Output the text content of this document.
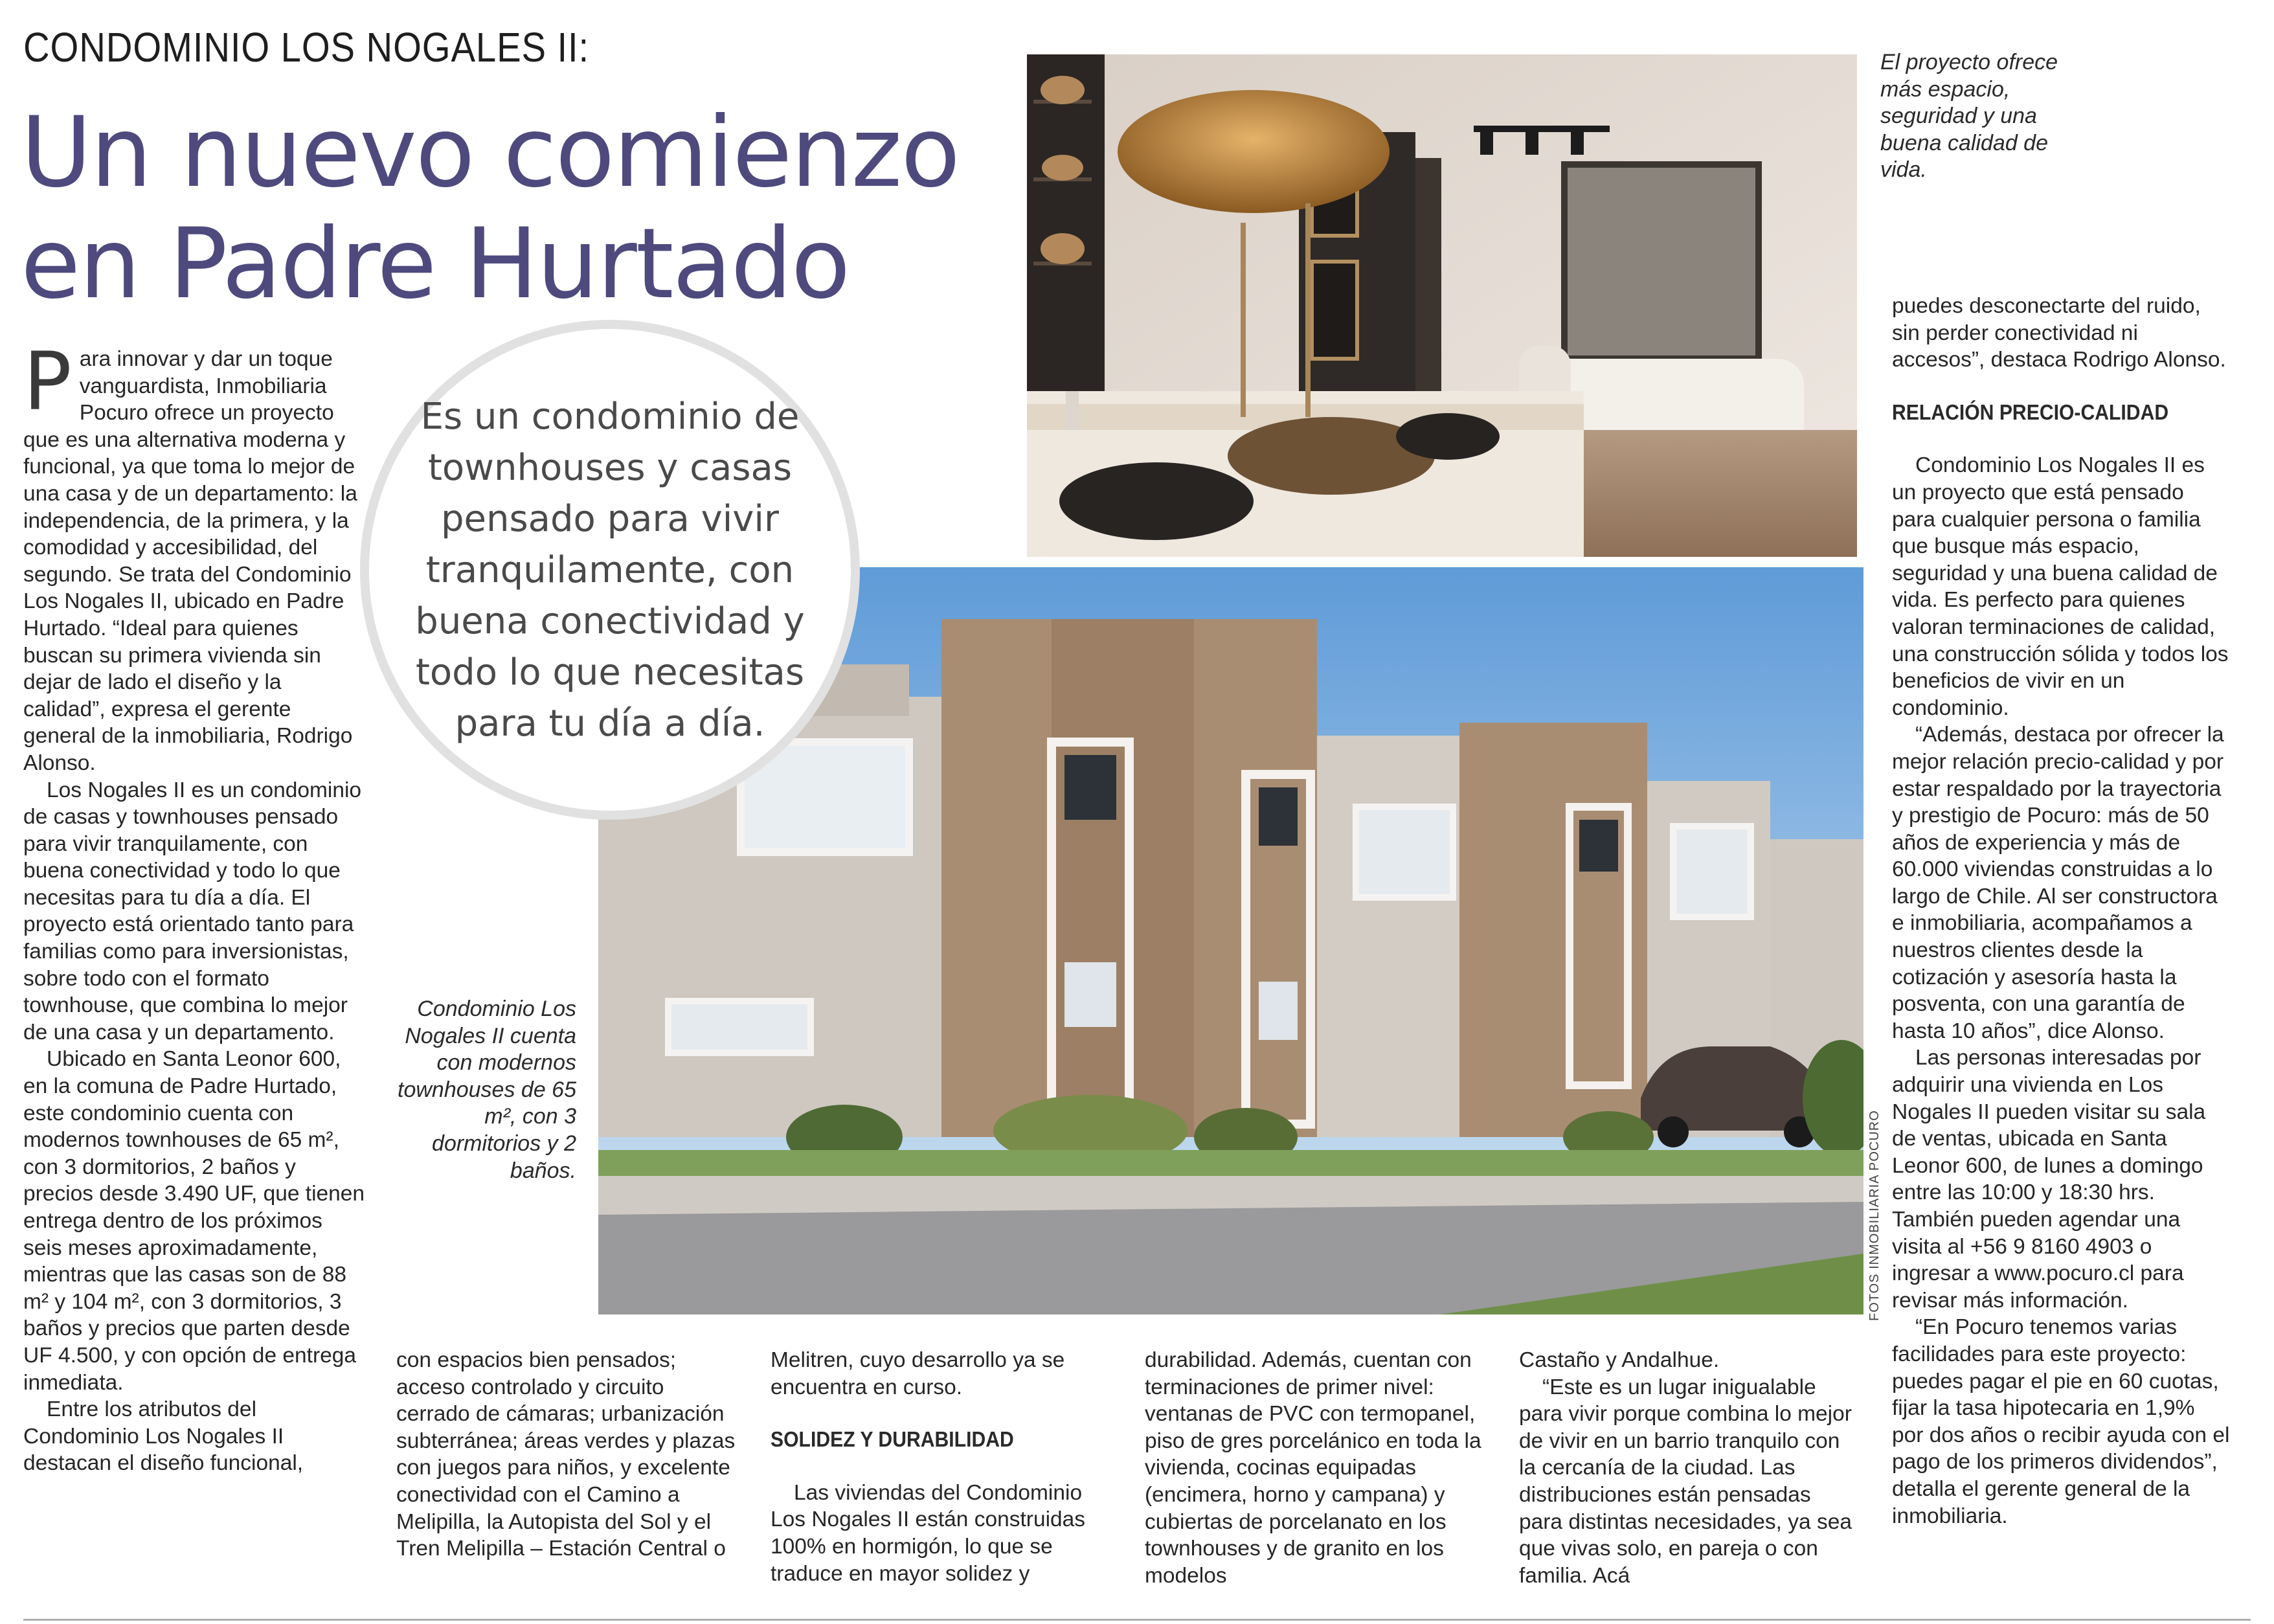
CONDOMINIO LOS NOGALES II:
Un nuevo comienzo en Padre Hurtado
El proyecto ofrece más espacio, seguridad y una buena calidad de vida.
FOTOS INMOBILIARIA POCURO
Es un condominio de townhouses y casas pensado para vivir tranquilamente, con buena conectividad y todo lo que necesitas para tu día a día.
Condominio Los Nogales II cuenta con modernos townhouses de 65 m², con 3 dormitorios y 2 baños.

Para innovar y dar un toque vanguardista, Inmobiliaria Pocuro ofrece un proyecto que es una alternativa moderna y funcional, ya que toma lo mejor de una casa y de un departamento: la independencia, de la primera, y la comodidad y accesibilidad, del segundo. Se trata del Condominio Los Nogales II, ubicado en Padre Hurtado. “Ideal para quienes buscan su primera vivienda sin dejar de lado el diseño y la calidad”, expresa el gerente general de la inmobiliaria, Rodrigo Alonso.

Los Nogales II es un condominio de casas y townhouses pensado para vivir tranquilamente, con buena conectividad y todo lo que necesitas para tu día a día. El proyecto está orientado tanto para familias como para inversionistas, sobre todo con el formato townhouse, que combina lo mejor de una casa y un departamento.

Ubicado en Santa Leonor 600, en la comuna de Padre Hurtado, este condominio cuenta con modernos townhouses de 65 m², con 3 dormitorios, 2 baños y precios desde 3.490 UF, que tienen entrega dentro de los próximos seis meses aproximadamente, mientras que las casas son de 88 m² y 104 m², con 3 dormitorios, 3 baños y precios que parten desde UF 4.500, y con opción de entrega inmediata.

Entre los atributos del Condominio Los Nogales II destacan el diseño funcional,

con espacios bien pensados; acceso controlado y circuito cerrado de cámaras; urbanización subterránea; áreas verdes y plazas con juegos para niños, y excelente conectividad con el Camino a Melipilla, la Autopista del Sol y el Tren Melipilla – Estación Central o

Melitren, cuyo desarrollo ya se encuentra en curso.

SOLIDEZ Y DURABILIDAD

Las viviendas del Condominio Los Nogales II están construidas 100% en hormigón, lo que se traduce en mayor solidez y

durabilidad. Además, cuentan con terminaciones de primer nivel: ventanas de PVC con termopanel, piso de gres porcelánico en toda la vivienda, cocinas equipadas (encimera, horno y campana) y cubiertas de porcelanato en los townhouses y de granito en los modelos

Castaño y Andalhue.

“Este es un lugar inigualable para vivir porque combina lo mejor de vivir en un barrio tranquilo con la cercanía de la ciudad. Las distribuciones están pensadas para distintas necesidades, ya sea que vivas solo, en pareja o con familia. Acá

puedes desconectarte del ruido, sin perder conectividad ni accesos”, destaca Rodrigo Alonso.

RELACIÓN PRECIO-CALIDAD

Condominio Los Nogales II es un proyecto que está pensado para cualquier persona o familia que busque más espacio, seguridad y una buena calidad de vida. Es perfecto para quienes valoran terminaciones de calidad, una construcción sólida y todos los beneficios de vivir en un condominio.

“Además, destaca por ofrecer la mejor relación precio-calidad y por estar respaldado por la trayectoria y prestigio de Pocuro: más de 50 años de experiencia y más de 60.000 viviendas construidas a lo largo de Chile. Al ser constructora e inmobiliaria, acompañamos a nuestros clientes desde la cotización y asesoría hasta la posventa, con una garantía de hasta 10 años”, dice Alonso.

Las personas interesadas por adquirir una vivienda en Los Nogales II pueden visitar su sala de ventas, ubicada en Santa Leonor 600, de lunes a domingo entre las 10:00 y 18:30 hrs. También pueden agendar una visita al +56 9 8160 4903 o ingresar a www.pocuro.cl para revisar más información.

“En Pocuro tenemos varias facilidades para este proyecto: puedes pagar el pie en 60 cuotas, fijar la tasa hipotecaria en 1,9% por dos años o recibir ayuda con el pago de los primeros dividendos”, detalla el gerente general de la inmobiliaria.
